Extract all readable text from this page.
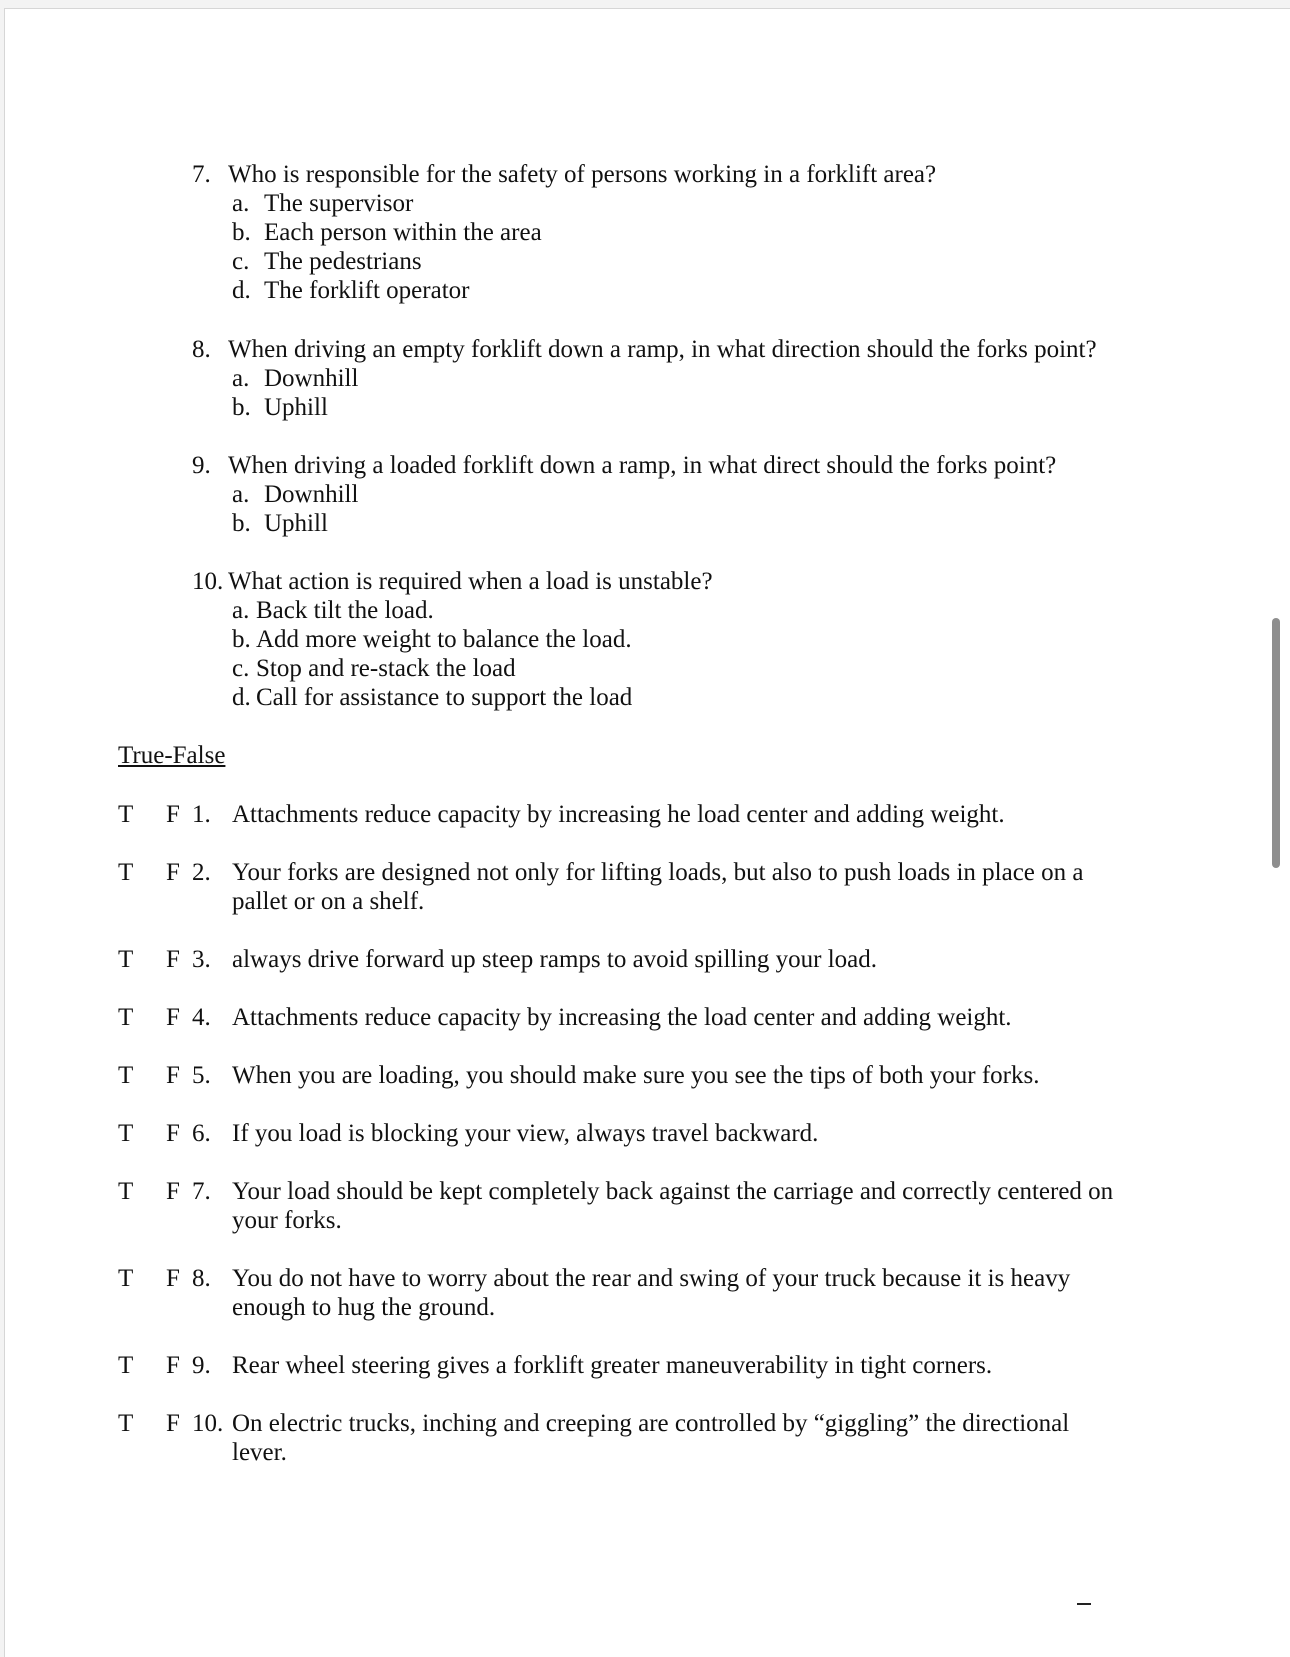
7. Who is responsible for the safety of persons working in a forklift area?
a. The supervisor
b. Each person within the area
c. The pedestrians
d. The forklift operator
8. When driving an empty forklift down a ramp, in what direction should the forks point?
a. Downhill
b. Uphill
9. When driving a loaded forklift down a ramp, in what direct should the forks point?
a. Downhill
b. Uphill
10. What action is required when a load is unstable?
a. Back tilt the load.
b. Add more weight to balance the load.
c. Stop and re-stack the load
d. Call for assistance to support the load
True-False
T F 1. Attachments reduce capacity by increasing he load center and adding weight.
T F 2. Your forks are designed not only for lifting loads, but also to push loads in place on a pallet or on a shelf.
T F 3. always drive forward up steep ramps to avoid spilling your load.
T F 4. Attachments reduce capacity by increasing the load center and adding weight.
T F 5. When you are loading, you should make sure you see the tips of both your forks.
T F 6. If you load is blocking your view, always travel backward.
T F 7. Your load should be kept completely back against the carriage and correctly centered on your forks.
T F 8. You do not have to worry about the rear and swing of your truck because it is heavy enough to hug the ground.
T F 9. Rear wheel steering gives a forklift greater maneuverability in tight corners.
T F 10. On electric trucks, inching and creeping are controlled by “giggling” the directional lever.
